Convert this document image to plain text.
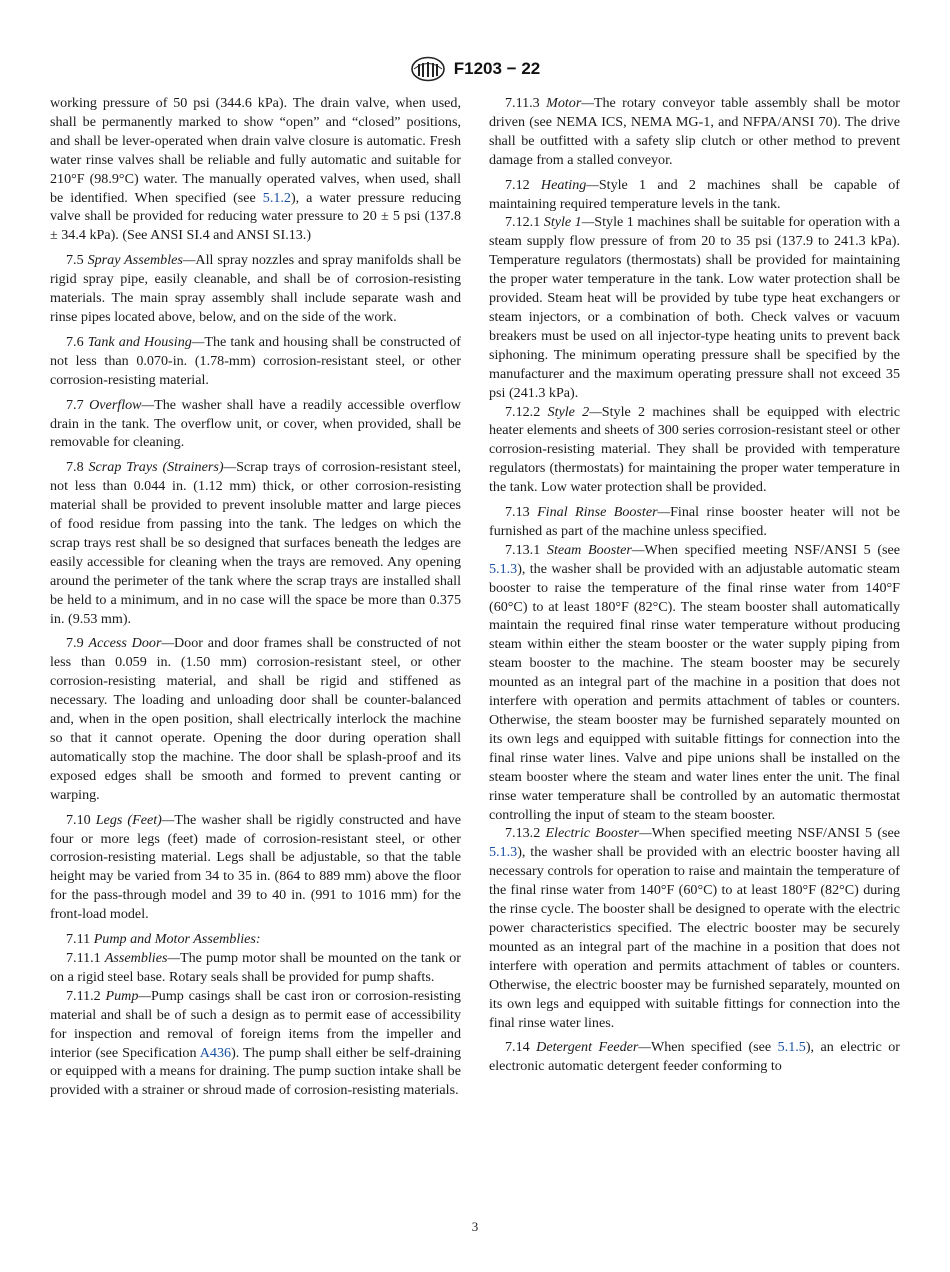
F1203 − 22

working pressure of 50 psi (344.6 kPa). The drain valve, when used, shall be permanently marked to show “open” and “closed” positions, and shall be lever-operated when drain valve closure is automatic. Fresh water rinse valves shall be reliable and fully automatic and suitable for 210°F (98.9°C) water. The manually operated valves, when used, shall be identified. When specified (see 5.1.2), a water pressure reducing valve shall be provided for reducing water pressure to 20 ± 5 psi (137.8 ± 34.4 kPa). (See ANSI SI.4 and ANSI SI.13.)

7.5 Spray Assembles—All spray nozzles and spray manifolds shall be rigid spray pipe, easily cleanable, and shall be of corrosion-resisting materials. The main spray assembly shall include separate wash and rinse pipes located above, below, and on the side of the work.

7.6 Tank and Housing—The tank and housing shall be constructed of not less than 0.070-in. (1.78-mm) corrosion-resistant steel, or other corrosion-resisting material.

7.7 Overflow—The washer shall have a readily accessible overflow drain in the tank. The overflow unit, or cover, when provided, shall be removable for cleaning.

7.8 Scrap Trays (Strainers)—Scrap trays of corrosion-resistant steel, not less than 0.044 in. (1.12 mm) thick, or other corrosion-resisting material shall be provided to prevent insoluble matter and large pieces of food residue from passing into the tank. The ledges on which the scrap trays rest shall be so designed that surfaces beneath the ledges are easily accessible for cleaning when the trays are removed. Any opening around the perimeter of the tank where the scrap trays are installed shall be held to a minimum, and in no case will the space be more than 0.375 in. (9.53 mm).

7.9 Access Door—Door and door frames shall be constructed of not less than 0.059 in. (1.50 mm) corrosion-resistant steel, or other corrosion-resisting material, and shall be rigid and stiffened as necessary. The loading and unloading door shall be counter-balanced and, when in the open position, shall electrically interlock the machine so that it cannot operate. Opening the door during operation shall automatically stop the machine. The door shall be splash-proof and its exposed edges shall be smooth and formed to prevent canting or warping.

7.10 Legs (Feet)—The washer shall be rigidly constructed and have four or more legs (feet) made of corrosion-resistant steel, or other corrosion-resisting material. Legs shall be adjustable, so that the table height may be varied from 34 to 35 in. (864 to 889 mm) above the floor for the pass-through model and 39 to 40 in. (991 to 1016 mm) for the front-load model.

7.11 Pump and Motor Assemblies:

7.11.1 Assemblies—The pump motor shall be mounted on the tank or on a rigid steel base. Rotary seals shall be provided for pump shafts.

7.11.2 Pump—Pump casings shall be cast iron or corrosion-resisting material and shall be of such a design as to permit ease of accessibility for inspection and removal of foreign items from the impeller and interior (see Specification A436). The pump shall either be self-draining or equipped with a means for draining. The pump suction intake shall be provided with a strainer or shroud made of corrosion-resisting materials.

7.11.3 Motor—The rotary conveyor table assembly shall be motor driven (see NEMA ICS, NEMA MG-1, and NFPA/ANSI 70). The drive shall be outfitted with a safety slip clutch or other method to prevent damage from a stalled conveyor.

7.12 Heating—Style 1 and 2 machines shall be capable of maintaining required temperature levels in the tank.

7.12.1 Style 1—Style 1 machines shall be suitable for operation with a steam supply flow pressure of from 20 to 35 psi (137.9 to 241.3 kPa). Temperature regulators (thermostats) shall be provided for maintaining the proper water temperature in the tank. Low water protection shall be provided. Steam heat will be provided by tube type heat exchangers or steam injectors, or a combination of both. Check valves or vacuum breakers must be used on all injector-type heating units to prevent back siphoning. The minimum operating pressure shall be specified by the manufacturer and the maximum operating pressure shall not exceed 35 psi (241.3 kPa).

7.12.2 Style 2—Style 2 machines shall be equipped with electric heater elements and sheets of 300 series corrosion-resistant steel or other corrosion-resisting material. They shall be provided with temperature regulators (thermostats) for maintaining the proper water temperature in the tank. Low water protection shall be provided.

7.13 Final Rinse Booster—Final rinse booster heater will not be furnished as part of the machine unless specified.

7.13.1 Steam Booster—When specified meeting NSF/ANSI 5 (see 5.1.3), the washer shall be provided with an adjustable automatic steam booster to raise the temperature of the final rinse water from 140°F (60°C) to at least 180°F (82°C). The steam booster shall automatically maintain the required final rinse water temperature without producing steam within either the steam booster or the water supply piping from steam booster to the machine. The steam booster may be securely mounted as an integral part of the machine in a position that does not interfere with operation and permits attachment of tables or counters. Otherwise, the steam booster may be furnished separately mounted on its own legs and equipped with suitable fittings for connection into the final rinse water lines. Valve and pipe unions shall be installed on the steam booster where the steam and water lines enter the unit. The final rinse water temperature shall be controlled by an automatic thermostat controlling the input of steam to the steam booster.

7.13.2 Electric Booster—When specified meeting NSF/ANSI 5 (see 5.1.3), the washer shall be provided with an electric booster having all necessary controls for operation to raise and maintain the temperature of the final rinse water from 140°F (60°C) to at least 180°F (82°C) during the rinse cycle. The booster shall be designed to operate with the electric power characteristics specified. The electric booster may be securely mounted as an integral part of the machine in a position that does not interfere with operation and permits attachment of tables or counters. Otherwise, the electric booster may be furnished separately, mounted on its own legs and equipped with suitable fittings for connection into the final rinse water lines.

7.14 Detergent Feeder—When specified (see 5.1.5), an electric or electronic automatic detergent feeder conforming to

3
